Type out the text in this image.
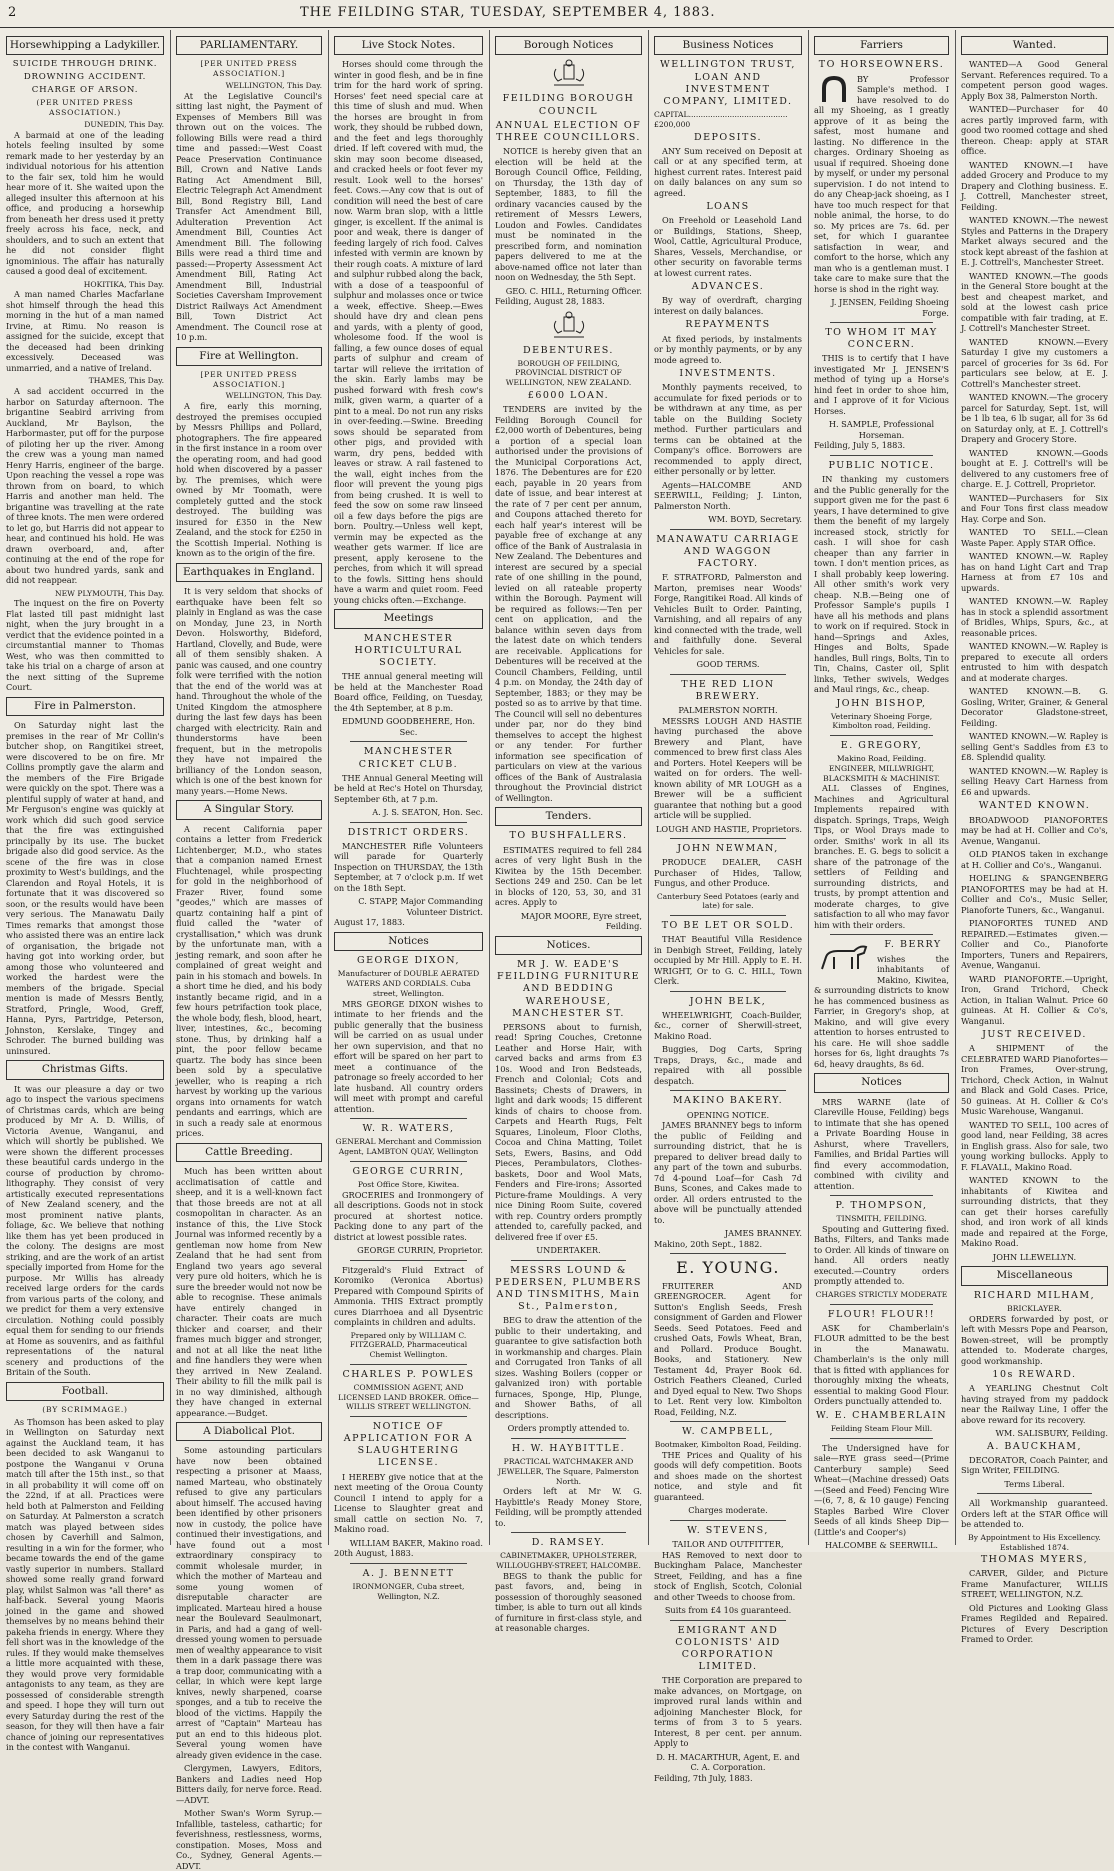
2	THE FEILDING STAR, TUESDAY, SEPTEMBER 4, 1883.
Horsewhipping a Ladykiller.
SUICIDE THROUGH DRINK.
DROWNING ACCIDENT.
CHARGE OF ARSON.
(PER UNITED PRESS ASSOCIATION.)
DUNEDIN, This Day.

A barmaid at one of the leading hotels feeling insulted by some remark made to her yesterday by an individual notorious for his attention to the fair sex, told him he would hear more of it. She waited upon the alleged insulter this afternoon at his office, and producing a horsewhip from beneath her dress used it pretty freely across his face, neck, and shoulders, and to such an extent that he did not consider flight ignominious. The affair has naturally caused a good deal of excitement.

HOKITIKA, This Day.

A man named Charles Macfarlane shot himself through the head this morning in the hut of a man named Irvine, at Rimu. No reason is assigned for the suicide, except that the deceased had been drinking excessively. Deceased was unmarried, and a native of Ireland.

THAMES, This Day.

A sad accident occurred in the harbor on Saturday afternoon. The brigantine Seabird arriving from Auckland, Mr Baylson, the Harbormaster, put off for the purpose of piloting her up the river. Among the crew was a young man named Henry Harris, engineer of the barge. Upon reaching the vessel a rope was thrown from on board, to which Harris and another man held. The brigantine was travelling at the rate of three knots. The men were ordered to let go, but Harris did not appear to hear, and continued his hold. He was drawn overboard, and, after continuing at the end of the rope for about two hundred yards, sank and did not reappear.

NEW PLYMOUTH, This Day.

The inquest on the fire on Poverty Flat lasted till past midnight last night, when the jury brought in a verdict that the evidence pointed in a circumstantial manner to Thomas West, who was then committed to take his trial on a charge of arson at the next sitting of the Supreme Court.

Fire in Palmerston.

On Saturday night last the premises in the rear of Mr Collin's butcher shop, on Rangitikei street, were discovered to be on fire. Mr Collins promptly gave the alarm and the members of the Fire Brigade were quickly on the spot. There was a plentiful supply of water at hand, and Mr Ferguson's engine was quickly at work which did such good service that the fire was extinguished principally by its use. The bucket brigade also did good service. As the scene of the fire was in close proximity to West's buildings, and the Clarendon and Royal Hotels, it is fortunate that it was discovered so soon, or the results would have been very serious. The Manawatu Daily Times remarks that amongst those who assisted there was an entire lack of organisation, the brigade not having got into working order, but among those who volunteered and worked the hardest were the members of the brigade. Special mention is made of Messrs Bently, Stratford, Pringle, Wood, Greff, Hanna, Pyrs, Partridge, Peterson, Johnston, Kerslake, Tingey and Schroder. The burned building was uninsured.

Christmas Gifts.

It was our pleasure a day or two ago to inspect the various specimens of Christmas cards, which are being produced by Mr A. D. Willis, of Victoria Avenue, Wanganui, and which will shortly be published. We were shown the different processes these beautiful cards undergo in the course of production by chromo-lithography. They consist of very artistically executed representations of New Zealand scenery, and the most prominent native plants, foliage, &c. We believe that nothing like them has yet been produced in the colony. The designs are most striking, and are the work of an artist specially imported from Home for the purpose. Mr Willis has already received large orders for the cards from various parts of the colony, and we predict for them a very extensive circulation. Nothing could possibly equal them for sending to our friends at Home as souvenirs, and as faithful representations of the natural scenery and productions of the Britain of the South.

Football.
(BY SCRIMMAGE.)

As Thomson has been asked to play in Wellington on Saturday next against the Auckland team, it has been decided to ask Wanganui to postpone the Wanganui v Oruna match till after the 15th inst., so that in all probability it will come off on the 22nd, if at all. Practices were held both at Palmerston and Feilding on Saturday. At Palmerston a scratch match was played between sides chosen by Caverhill and Salmon, resulting in a win for the former, who became towards the end of the game vastly superior in numbers. Stallard showed some really grand forward play, whilst Salmon was "all there" as half-back. Several young Maoris joined in the game and showed themselves by no means behind their pakeha friends in energy. Where they fell short was in the knowledge of the rules. If they would make themselves a little more acquainted with these, they would prove very formidable antagonists to any team, as they are possessed of considerable strength and speed. I hope they will turn out every Saturday during the rest of the season, for they will then have a fair chance of joining our representatives in the contest with Wanganui.

PARLIAMENTARY.
[PER UNITED PRESS ASSOCIATION.]
WELLINGTON, This Day.

At the Legislative Council's sitting last night, the Payment of Expenses of Members Bill was thrown out on the voices. The following Bills were read a third time and passed:—West Coast Peace Preservation Continuance Bill, Crown and Native Lands Rating Act Amendment Bill, Electric Telegraph Act Amendment Bill, Bond Registry Bill, Land Transfer Act Amendment Bill, Adulteration Prevention Act Amendment Bill, Counties Act Amendment Bill. The following Bills were read a third time and passed:—Property Assessment Act Amendment Bill, Rating Act Amendment Bill, Industrial Societies Caversham Improvement District Railways Act Amendment Bill, Town District Act Amendment. The Council rose at 10 p.m.

Fire at Wellington.
[PER UNITED PRESS ASSOCIATION.]
WELLINGTON, This Day.

A fire, early this morning, destroyed the premises occupied by Messrs Phillips and Pollard, photographers. The fire appeared in the first instance in a room over the operating room, and had good hold when discovered by a passer by. The premises, which were owned by Mr Toomath, were completely gutted and the stock destroyed. The building was insured for £350 in the New Zealand, and the stock for £250 in the Scottish Imperial. Nothing is known as to the origin of the fire.

Earthquakes in England.

It is very seldom that shocks of earthquake have been felt so plainly in England as was the case on Monday, June 23, in North Devon. Holsworthy, Bideford, Hartland, Clovelly, and Bude, were all of them sensibly shaken. A panic was caused, and one country folk were terrified with the notion that the end of the world was at hand. Throughout the whole of the United Kingdom the atmosphere during the last few days has been charged with electricity. Rain and thunderstorms have been frequent, but in the metropolis they have not impaired the brilliancy of the London season, which is one of the best known for many years.—Home News.

A Singular Story.

A recent California paper contains a letter from Frederick Lichtenberger, M.D., who states that a companion named Ernest Fluchtenagel, while prospecting for gold in the neighborhood of Frazer River, found some "geodes," which are masses of quartz containing half a pint of fluid called the "water of crystallisation," which was drunk by the unfortunate man, with a jesting remark, and soon after he complained of great weight and pain in his stomach and bowels. In a short time he died, and his body instantly became rigid, and in a few hours petrifaction took place, the whole body, flesh, blood, heart, liver, intestines, &c., becoming stone. Thus, by drinking half a pint, the poor fellow became quartz. The body has since been been sold by a speculative jeweller, who is reaping a rich harvest by working up the various organs into ornaments for watch pendants and earrings, which are in such a ready sale at enormous prices.

Cattle Breeding.

Much has been written about acclimatisation of cattle and sheep, and it is a well-known fact that those breeds are not at all cosmopolitan in character. As an instance of this, the Live Stock Journal was informed recently by a gentleman now home from New Zealand that he had sent from England two years ago several very pure old hoiters, which he is sure the breeder would not now be able to recognise. These animals have entirely changed in character. Their coats are much thicker and coarser, and their frames much bigger and stronger, and not at all like the neat lithe and fine handlers they were when they arrived in New Zealand. Their ability to fill the milk pail is in no way diminished, although they have changed in external appearance.—Budget.

A Diabolical Plot.

Some astounding particulars have now been obtained respecting a prisoner at Maass, named Marteau, who obstinately refused to give any particulars about himself. The accused having been identified by other prisoners now in custody, the police have continued their investigations, and have found out a most extraordinary conspiracy to commit wholesale murder, in which the mother of Marteau and some young women of disreputable character are implicated. Marteau hired a house near the Boulevard Seaulmonart, in Paris, and had a gang of well-dressed young women to persuade men of wealthy appearance to visit them in a dark passage there was a trap door, communicating with a cellar, in which were kept large knives, newly sharpened, coarse sponges, and a tub to receive the blood of the victims. Happily the arrest of "Captain" Marteau has put an end to this hideous plot. Several young women have already given evidence in the case.

Clergymen, Lawyers, Editors, Bankers and Ladies need Hop Bitters daily, for nerve force. Read.—ADVT.

Mother Swan's Worm Syrup.—Infallible, tasteless, cathartic; for feverishness, restlessness, worms, constipation. Moses, Moss and Co., Sydney, General Agents.—ADVT.

Live Stock Notes.

Horses should come through the winter in good flesh, and be in fine trim for the hard work of spring. Horses' feet need special care at this time of slush and mud. When the horses are brought in from work, they should be rubbed down, and the feet and legs thoroughly dried. If left covered with mud, the skin may soon become diseased, and cracked heels or foot fever my result. Look well to the horses' feet. Cows.—Any cow that is out of condition will need the best of care now. Warm bran slop, with a little ginger, is excellent. If the animal is poor and weak, there is danger of feeding largely of rich food. Calves infested with vermin are known by their rough coats. A mixture of lard and sulphur rubbed along the back, with a dose of a teaspoonful of sulphur and molasses once or twice a week, effective. Sheep.—Ewes should have dry and clean pens and yards, with a plenty of good, wholesome food. If the wool is falling, a few ounce doses of equal parts of sulphur and cream of tartar will relieve the irritation of the skin. Early lambs may be pushed forward with fresh cow's milk, given warm, a quarter of a pint to a meal. Do not run any risks in over-feeding.—Swine. Breeding sows should be separated from other pigs, and provided with warm, dry pens, bedded with leaves or straw. A rail fastened to the wall, eight inches from the floor will prevent the young pigs from being crushed. It is well to feed the sow on some raw linseed oil a few days before the pigs are born. Poultry.—Unless well kept, vermin may be expected as the weather gets warmer. If lice are present, apply kerosene to the perches, from which it will spread to the fowls. Sitting hens should have a warm and quiet room. Feed young chicks often.—Exchange.

Meetings
MANCHESTER HORTICULTURAL SOCIETY.

THE annual general meeting will be held at the Manchester Road Board office, Feilding, on Tuesday, the 4th September, at 8 p.m.

EDMUND GOODBEHERE, Hon. Sec.
MANCHESTER CRICKET CLUB.

THE Annual General Meeting will be held at Rec's Hotel on Thursday, September 6th, at 7 p.m.

A. J. S. SEATON, Hon. Sec.
DISTRICT ORDERS.

MANCHESTER Rifle Volunteers will parade for Quarterly Inspection on THURSDAY, the 13th September, at 7 o'clock p.m. If wet on the 18th Sept.

C. STAPP, Major Commanding Volunteer District.
August 17, 1883.
Notices
GEORGE DIXON,
Manufacturer of DOUBLE AERATED WATERS AND CORDIALS. Cuba street, Wellington.

MRS GEORGE DIXON wishes to intimate to her friends and the public generally that the business will be carried on as usual under her own supervision, and that no effort will be spared on her part to meet a continuance of the patronage so freely accorded to her late husband. All country orders will meet with prompt and careful attention.

W. R. WATERS,
GENERAL Merchant and Commission Agent, LAMBTON QUAY, Wellington
GEORGE CURRIN,
Post Office Store, Kiwitea.

GROCERIES and Ironmongery of all descriptions. Goods not in stock procured at shortest notice. Packing done to any part of the district at lowest possible rates.

GEORGE CURRIN, Proprietor.

Fitzgerald's Fluid Extract of Koromiko (Veronica Abortus) Prepared with Compound Spirits of Ammonia. THIS Extract promptly cures Diarrhoea and all Dysentric complaints in children and adults.

Prepared only by WILLIAM C. FITZGERALD, Pharmaceutical Chemist Wellington.
CHARLES P. POWLES
COMMISSION AGENT, AND LICENSED LAND BROKER. Office—WILLIS STREET WELLINGTON.
NOTICE OF APPLICATION FOR A SLAUGHTERING LICENSE.

I HEREBY give notice that at the next meeting of the Oroua County Council I intend to apply for a License to Slaughter great and small cattle on section No. 7, Makino road.

WILLIAM BAKER, Makino road.
20th August, 1883.
A. J. BENNETT
IRONMONGER, Cuba street, Wellington, N.Z.
Borough Notices
FEILDING BOROUGH COUNCIL
ANNUAL ELECTION OF THREE COUNCILLORS.

NOTICE is hereby given that an election will be held at the Borough Council Office, Feilding, on Thursday, the 13th day of September, 1883, to fill the ordinary vacancies caused by the retirement of Messrs Lewers, Loudon and Fowles. Candidates must be nominated in the prescribed form, and nomination papers delivered to me at the above-named office not later than noon on Wednesday, the 5th Sept.

GEO. C. HILL, Returning Officer.
Feilding, August 28, 1883.
DEBENTURES.
BOROUGH OF FEILDING, PROVINCIAL DISTRICT OF WELLINGTON, NEW ZEALAND.
£6000 LOAN.

TENDERS are invited by the Feilding Borough Council for £2,000 worth of Debentures, being a portion of a special loan authorised under the provisions of the Municipal Corporations Act, 1876. The Debentures are for £20 each, payable in 20 years from date of issue, and bear interest at the rate of 7 per cent per annum, and Coupons attached thereto for each half year's interest will be payable free of exchange at any office of the Bank of Australasia in New Zealand. The Debentures and interest are secured by a special rate of one shilling in the pound, levied on all rateable property within the Borough. Payment will be required as follows:—Ten per cent on application, and the balance within seven days from the latest date on which tenders are receivable. Applications for Debentures will be received at the Council Chambers, Feilding, until 4 p.m. on Monday, the 24th day of September, 1883; or they may be posted so as to arrive by that time. The Council will sell no debentures under par, nor do they bind themselves to accept the highest or any tender. For further information see specification of particulars on view at the various offices of the Bank of Australasia throughout the Provincial district of Wellington.

Tenders.
TO BUSHFALLERS.

ESTIMATES required to fell 284 acres of very light Bush in the Kiwitea by the 15th December. Sections 249 and 250. Can be let in blocks of 120, 53, 30, and 31 acres. Apply to

MAJOR MOORE, Eyre street, Feilding.
Notices.
MR J. W. EADE'S FEILDING FURNITURE AND BEDDING WAREHOUSE, MANCHESTER ST.

PERSONS about to furnish, read! Spring Couches, Cretonne Leather and Horse Hair, with carved backs and arms from £3 10s. Wood and Iron Bedsteads, French and Colonial; Cots and Bassinets; Chests of Drawers, in light and dark woods; 15 different kinds of chairs to choose from. Carpets and Hearth Rugs, Felt Squares, Linoleum, Floor Cloths, Cocoa and China Matting, Toilet Sets, Ewers, Basins, and Odd Pieces, Perambulators, Clothes-baskets, Door and Wool Mats, Fenders and Fire-irons; Assorted Picture-frame Mouldings. A very nice Dining Room Suite, covered with rep. Country orders promptly attended to, carefully packed, and delivered free if over £5.

UNDERTAKER.
MESSRS LOUND & PEDERSEN, PLUMBERS AND TINSMITHS, Main St., Palmerston,

BEG to draw the attention of the public to their undertaking, and guarantee to give satisfaction both in workmanship and charges. Plain and Corrugated Iron Tanks of all sizes. Washing Boilers (copper or galvanized iron) with portable furnaces, Sponge, Hip, Plunge, and Shower Baths, of all descriptions.

Orders promptly attended to.
H. W. HAYBITTLE.
PRACTICAL WATCHMAKER AND JEWELLER, The Square, Palmerston North.

Orders left at Mr W. G. Haybittle's Ready Money Store, Feilding, will be promptly attended to.

D. RAMSEY.
CABINETMAKER, UPHOLSTERER, WILLOUGHBY-STREET, HALCOMBE.

BEGS to thank the public for past favors, and, being in possession of thoroughly seasoned timber, is able to turn out all kinds of furniture in first-class style, and at reasonable charges.

Business Notices
WELLINGTON TRUST, LOAN AND INVESTMENT COMPANY, LIMITED.
CAPITAL.........................................£200,000
DEPOSITS.

ANY Sum received on Deposit at call or at any specified term, at highest current rates. Interest paid on daily balances on any sum so agreed.

LOANS

On Freehold or Leasehold Land or Buildings, Stations, Sheep, Wool, Cattle, Agricultural Produce, Shares, Vessels, Merchandise, or other security on favorable terms at lowest current rates.

ADVANCES.

By way of overdraft, charging interest on daily balances.

REPAYMENTS

At fixed periods, by instalments or by monthly payments, or by any mode agreed to.

INVESTMENTS.

Monthly payments received, to accumulate for fixed periods or to be withdrawn at any time, as per table on the Building Society method. Further particulars and terms can be obtained at the Company's office. Borrowers are recommended to apply direct, either personally or by letter.

Agents—HALCOMBE AND SEERWILL, Feilding; J. Linton, Palmerston North.

WM. BOYD, Secretary.
MANAWATU CARRIAGE AND WAGGON FACTORY.

F. STRATFORD, Palmerston and Marton, premises near Woods' Forge, Rangitikei Road. All kinds of Vehicles Built to Order. Painting, Varnishing, and all repairs of any kind connected with the trade, well and faithfully done. Several Vehicles for sale.

GOOD TERMS.
THE RED LION BREWERY.
PALMERSTON NORTH.

MESSRS LOUGH AND HASTIE having purchased the above Brewery and Plant, have commenced to brew first class Ales and Porters. Hotel Keepers will be waited on for orders. The well-known ability of MR LOUGH as a Brewer will be a sufficient guarantee that nothing but a good article will be supplied.

LOUGH AND HASTIE, Proprietors.
JOHN NEWMAN,

PRODUCE DEALER, CASH Purchaser of Hides, Tallow, Fungus, and other Produce.

Canterbury Seed Potatoes (early and late) for sale.
TO BE LET OR SOLD.

THAT Beautiful Villa Residence in Denbigh Street, Feilding, lately occupied by Mr Hill. Apply to E. H. WRIGHT, Or to G. C. HILL, Town Clerk.

JOHN BELK,

WHEELWRIGHT, Coach-Builder, &c., corner of Sherwill-street, Makino Road.

Buggies, Dog Carts, Spring Traps, Drays, &c., made and repaired with all possible despatch.

MAKINO BAKERY.
OPENING NOTICE.

JAMES BRANNEY begs to inform the public of Feilding and surrounding district, that he is prepared to deliver bread daily to any part of the town and suburbs. 7d 4-pound Loaf—for Cash 7d Buns, Scones, and Cakes made to order. All orders entrusted to the above will be punctually attended to.

JAMES BRANNEY.
Makino, 20th Sept., 1882.
E. YOUNG.

FRUITERER AND GREENGROCER. Agent for Sutton's English Seeds, Fresh consignment of Garden and Flower Seeds. Seed Potatoes. Feed and crushed Oats, Fowls Wheat, Bran, and Pollard. Produce Bought. Books, and Stationery. New Testament 4d, Prayer Book 6d. Ostrich Feathers Cleaned, Curled and Dyed equal to New. Two Shops to Let. Rent very low. Kimbolton Road, Feilding, N.Z.

W. CAMPBELL,
Bootmaker, Kimbolton Road, Feilding.

THE Prices and Quality of his goods will defy competition. Boots and shoes made on the shortest notice, and style and fit guaranteed.

Charges moderate.
W. STEVENS,
TAILOR AND OUTFITTER,

HAS Removed to next door to Buckingham Palace, Manchester Street, Feilding, and has a fine stock of English, Scotch, Colonial and other Tweeds to choose from.

Suits from £4 10s guaranteed.
EMIGRANT AND COLONISTS' AID CORPORATION LIMITED.

THE Corporation are prepared to make advances, on Mortgage, on improved rural lands within and adjoining Manchester Block, for terms of from 3 to 5 years. Interest, 8 per cent. per annum. Apply to

D. H. MACARTHUR, Agent, E. and C. A. Corporation.
Feilding, 7th July, 1883.
Farriers
TO HORSEOWNERS.

BY Professor Sample's method. I have resolved to do all my Shoeing, as I greatly approve of it as being the safest, most humane and lasting. No difference in the charges. Ordinary Shoeing as usual if required. Shoeing done by myself, or under my personal supervision. I do not intend to do any Cheap-jack shoeing, as I have too much respect for that noble animal, the horse, to do so. My prices are 7s. 6d. per set, for which I guarantee satisfaction in wear, and comfort to the horse, which any man who is a gentleman must. I take care to make sure that the horse is shod in the right way.

J. JENSEN, Feilding Shoeing Forge.
TO WHOM IT MAY CONCERN.

THIS is to certify that I have investigated Mr J. JENSEN'S method of tying up a Horse's hind feet in order to shoe him, and I approve of it for Vicious Horses.

H. SAMPLE, Professional Horseman.
Feilding, July 5, 1883.
PUBLIC NOTICE.

IN thanking my customers and the Public generally for the support given me for the past 6 years, I have determined to give them the benefit of my largely increased stock, strictly for cash. I will shoe for cash cheaper than any farrier in town. I don't mention prices, as I shall probably keep lowering. All other smith's work very cheap. N.B.—Being one of Professor Sample's pupils I have all his methods and plans to work on if required. Stock in hand—Springs and Axles, Hinges and Bolts, Spade handles, Bull rings, Bolts, Tin to Tin, Chains, Caster oil, Split links, Tether swivels, Wedges and Maul rings, &c., cheap.

JOHN BISHOP,
Veterinary Shoeing Forge, Kimbolton road, Feilding.
E. GREGORY,
Makino Road, Feilding. ENGINEER, MILLWRIGHT, BLACKSMITH & MACHINIST.

ALL Classes of Engines, Machines and Agricultural Implements repaired with dispatch. Springs, Traps, Weigh Tips, or Wool Drays made to order. Smiths' work in all its branches. E. G. begs to solicit a share of the patronage of the settlers of Feilding and surrounding districts, and trusts, by prompt attention and moderate charges, to give satisfaction to all who may favor him with their orders.

F. BERRY

wishes the inhabitants of Makino, Kiwitea, & surrounding districts to know he has commenced business as Farrier, in Gregory's shop, at Makino, and will give every attention to horses entrusted to his care. He will shoe saddle horses for 6s, light draughts 7s 6d, heavy draughts, 8s 6d.

Notices

MRS WARNE (late of Clareville House, Feilding) begs to intimate that she has opened a Private Boarding House in Ashurst, where Travellers, Families, and Bridal Parties will find every accommodation, combined with civility and attention.

P. THOMPSON,
TINSMITH, FEILDING.

Spouting and Guttering fixed. Baths, Filters, and Tanks made to Order. All kinds of tinware on hand. All orders neatly executed.—Country orders promptly attended to.

CHARGES STRICTLY MODERATE
FLOUR! FLOUR!!

ASK for Chamberlain's FLOUR admitted to be the best in the Manawatu. Chamberlain's is the only mill that is fitted with appliances for thoroughly mixing the wheats, essential to making Good Flour. Orders punctually attended to.

W. E. CHAMBERLAIN
Feilding Steam Flour Mill.

The Undersigned have for sale—RYE grass seed—(Prime Canterbury sample) Seed Wheat—(Machine dressed) Oats—(Seed and Feed) Fencing Wire—(6, 7, 8, & 10 gauge) Fencing Staples Barbed Wire Clover Seeds of all kinds Sheep Dip—(Little's and Cooper's)

HALCOMBE & SEERWILL.
Wanted.

WANTED—A Good General Servant. References required. To a competent person good wages. Apply Box 38, Palmerston North.

WANTED—Purchaser for 40 acres partly improved farm, with good two roomed cottage and shed thereon. Cheap: apply at STAR office.

WANTED KNOWN.—I have added Grocery and Produce to my Drapery and Clothing business. E. J. Cottrell, Manchester street, Feilding.

WANTED KNOWN.—The newest Styles and Patterns in the Drapery Market always secured and the stock kept abreast of the fashion at E. J. Cottrell's, Manchester Street.

WANTED KNOWN.—The goods in the General Store bought at the best and cheapest market, and sold at the lowest cash price compatible with fair trading, at E. J. Cottrell's Manchester Street.

WANTED KNOWN.—Every Saturday I give my customers a parcel of groceries for 3s 6d. For particulars see below, at E. J. Cottrell's Manchester street.

WANTED KNOWN.—The grocery parcel for Saturday, Sept. 1st, will be 1 lb tea, 6 lb sugar, all for 3s 6d on Saturday only, at E. J. Cottrell's Drapery and Grocery Store.

WANTED KNOWN.—Goods bought at E. J. Cottrell's will be delivered to any customers free of charge. E. J. Cottrell, Proprietor.

WANTED—Purchasers for Six and Four Tons first class meadow Hay. Corpe and Son.

WANTED TO SELL.—Clean Waste Paper. Apply STAR Office.

WANTED KNOWN.—W. Rapley has on hand Light Cart and Trap Harness at from £7 10s and upwards.

WANTED KNOWN.—W. Rapley has in stock a splendid assortment of Bridles, Whips, Spurs, &c., at reasonable prices.

WANTED KNOWN.—W. Rapley is prepared to execute all orders entrusted to him with despatch and at moderate charges.

WANTED KNOWN.—B. G. Gosling, Writer, Grainer, & General Decorator Gladstone-street, Feilding.

WANTED KNOWN.—W. Rapley is selling Gent's Saddles from £3 to £8. Splendid quality.

WANTED KNOWN.—W. Rapley is selling Heavy Cart Harness from £6 and upwards.

WANTED KNOWN.

BROADWOOD PIANOFORTES may be had at H. Collier and Co's, Avenue, Wanganui.

OLD PIANOS taken in exchange at H. Collier and Co's., Wanganui.

HOELING & SPANGENBERG PIANOFORTES may be had at H. Collier and Co's., Music Seller, Pianoforte Tuners, &c., Wanganui.

PIANOFORTES TUNED AND REPAIRED.—Estimates given.—Collier and Co., Pianoforte Importers, Tuners and Repairers, Avenue, Wanganui.

WARD PIANOFORTE.—Upright, Iron, Grand Trichord, Check Action, in Italian Walnut. Price 60 guineas. At H. Collier & Co's, Wanganui.

JUST RECEIVED.

A SHIPMENT of the CELEBRATED WARD Pianofortes—Iron Frames, Over-strung, Trichord, Check Action, in Walnut and Black and Gold Cases. Price, 50 guineas. At H. Collier & Co's Music Warehouse, Wanganui.

WANTED TO SELL, 100 acres of good land, near Feilding, 38 acres in English grass. Also for sale, two young working bullocks. Apply to F. FLAVALL, Makino Road.

WANTED KNOWN to the inhabitants of Kiwitea and surrounding districts, that they can get their horses carefully shod, and iron work of all kinds made and repaired at the Forge, Makino Road.

JOHN LLEWELLYN.
Miscellaneous
RICHARD MILHAM,
BRICKLAYER.

ORDERS forwarded by post, or left with Messrs Pope and Pearson, Bowen-street, will be promptly attended to. Moderate charges, good workmanship.

10s REWARD.

A YEARLING Chestnut Colt having strayed from my paddock near the Railway Line, I offer the above reward for its recovery.

WM. SALISBURY, Feilding.
A. BAUCKHAM,

DECORATOR, Coach Painter, and Sign Writer, FEILDING.

Terms Liberal.

All Workmanship guaranteed. Orders left at the STAR Office will be attended to.

By Appointment to His Excellency. Established 1874.
THOMAS MYERS,

CARVER, Gilder, and Picture Frame Manufacturer, WILLIS STREET, WELLINGTON, N.Z.

Old Pictures and Looking Glass Frames Regilded and Repaired. Pictures of Every Description Framed to Order.
